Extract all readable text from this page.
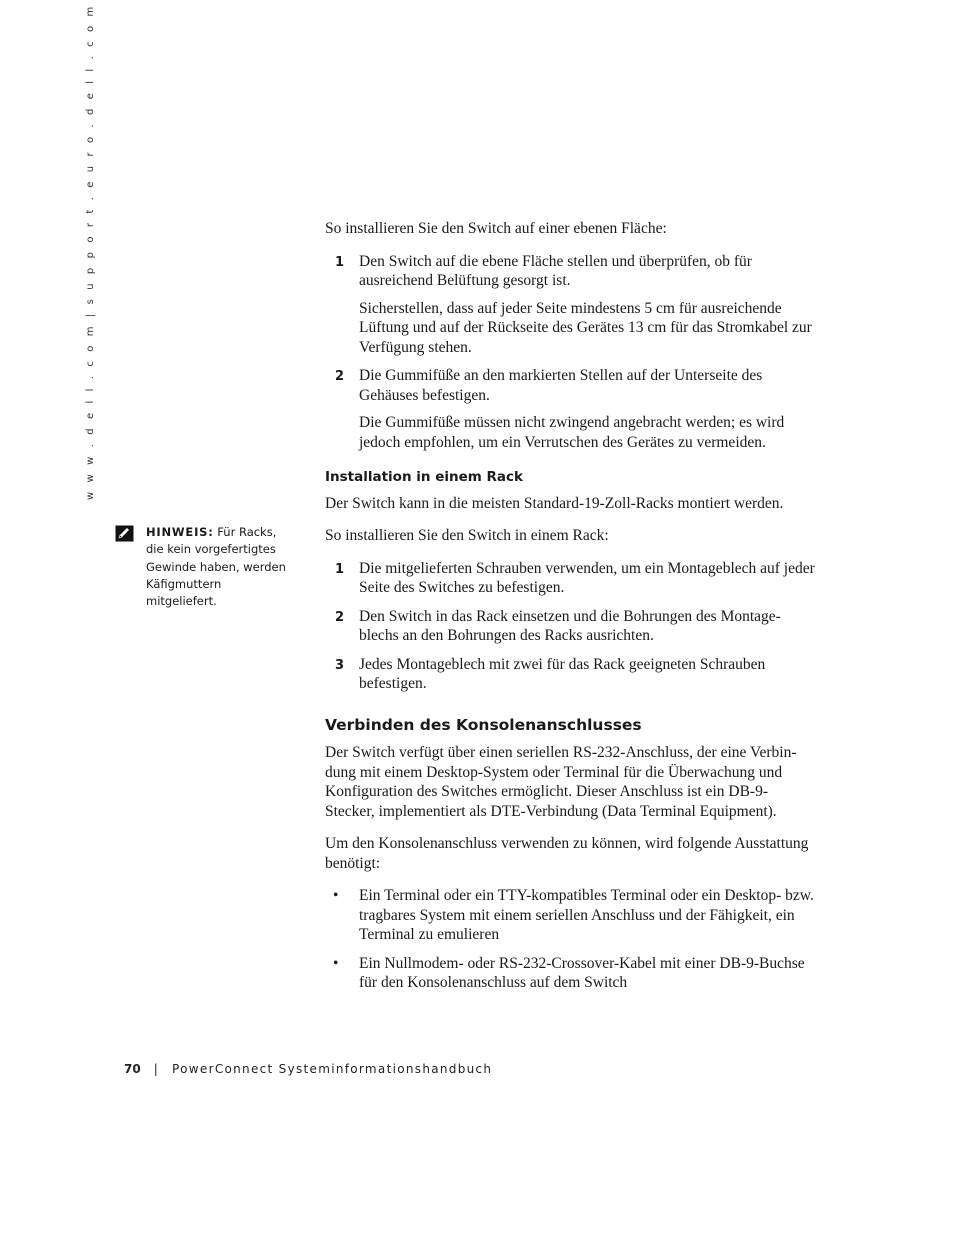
w w w . d e l l . c o m | s u p p o r t . e u r o . d e l l . c o m
HINWEIS: Für Racks, die kein vorgefertigtes Gewinde haben, werden Käfigmuttern mitgeliefert.

So installieren Sie den Switch auf einer ebenen Fläche:

1 Den Switch auf die ebene Fläche stellen und überprüfen, ob für ausreichend Belüftung gesorgt ist.

Sicherstellen, dass auf jeder Seite mindestens 5 cm für ausreichende Lüftung und auf der Rückseite des Gerätes 13 cm für das Stromkabel zur Verfügung stehen.

2 Die Gummifüße an den markierten Stellen auf der Unterseite des Gehäuses befestigen.

Die Gummifüße müssen nicht zwingend angebracht werden; es wird jedoch empfohlen, um ein Verrutschen des Gerätes zu vermeiden.

Installation in einem Rack

Der Switch kann in die meisten Standard-19-Zoll-Racks montiert werden.

So installieren Sie den Switch in einem Rack:

1 Die mitgelieferten Schrauben verwenden, um ein Montageblech auf jeder Seite des Switches zu befestigen.

2 Den Switch in das Rack einsetzen und die Bohrungen des Montage-blechs an den Bohrungen des Racks ausrichten.

3 Jedes Montageblech mit zwei für das Rack geeigneten Schrauben befestigen.

Verbinden des Konsolenanschlusses

Der Switch verfügt über einen seriellen RS-232-Anschluss, der eine Verbin-dung mit einem Desktop-System oder Terminal für die Überwachung und Konfiguration des Switches ermöglicht. Dieser Anschluss ist ein DB-9-Stecker, implementiert als DTE-Verbindung (Data Terminal Equipment).

Um den Konsolenanschluss verwenden zu können, wird folgende Ausstattung benötigt:

• Ein Terminal oder ein TTY-kompatibles Terminal oder ein Desktop- bzw. tragbares System mit einem seriellen Anschluss und der Fähigkeit, ein Terminal zu emulieren
• Ein Nullmodem- oder RS-232-Crossover-Kabel mit einer DB-9-Buchse für den Konsolenanschluss auf dem Switch
70 | PowerConnect Systeminformationshandbuch
